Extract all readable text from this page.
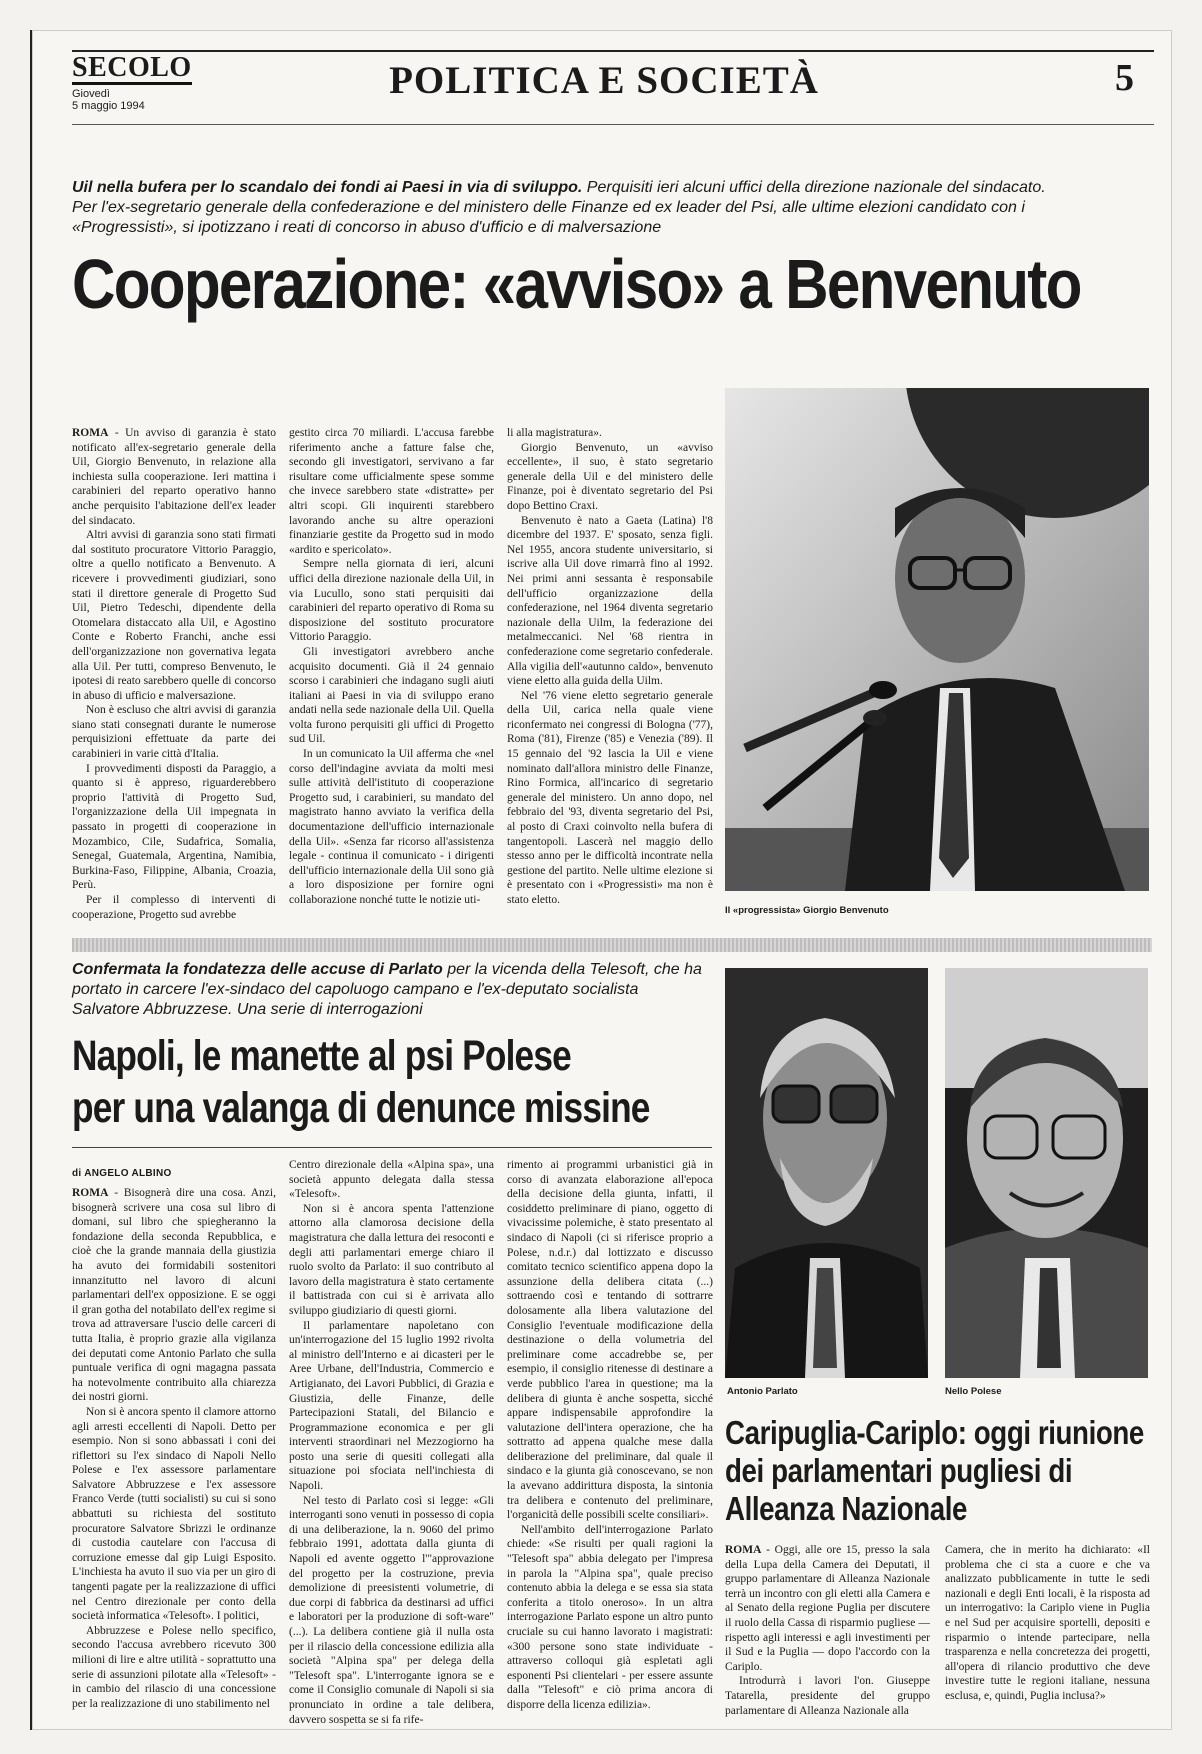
SECOLO
Giovedì
5 maggio 1994
POLITICA E SOCIETÀ	5
Uil nella bufera per lo scandalo dei fondi ai Paesi in via di sviluppo. Perquisiti ieri alcuni uffici della direzione nazionale del sindacato. Per l'ex-segretario generale della confederazione e del ministero delle Finanze ed ex leader del Psi, alle ultime elezioni candidato con i «Progressisti», si ipotizzano i reati di concorso in abuso d'ufficio e di malversazione
Cooperazione: «avviso» a Benvenuto

ROMA - Un avviso di garanzia è stato notificato all'ex-segretario generale della Uil, Giorgio Benvenuto, in relazione alla inchiesta sulla cooperazione. Ieri mattina i carabinieri del reparto operativo hanno anche perquisito l'abitazione dell'ex leader del sindacato.

Altri avvisi di garanzia sono stati firmati dal sostituto procuratore Vittorio Paraggio, oltre a quello notificato a Benvenuto. A ricevere i provvedimenti giudiziari, sono stati il direttore generale di Progetto Sud Uil, Pietro Tedeschi, dipendente della Otomelara distaccato alla Uil, e Agostino Conte e Roberto Franchi, anche essi dell'organizzazione non governativa legata alla Uil. Per tutti, compreso Benvenuto, le ipotesi di reato sarebbero quelle di concorso in abuso di ufficio e malversazione.

Non è escluso che altri avvisi di garanzia siano stati consegnati durante le numerose perquisizioni effettuate da parte dei carabinieri in varie città d'Italia.

I provvedimenti disposti da Paraggio, a quanto si è appreso, riguarderebbero proprio l'attività di Progetto Sud, l'organizzazione della Uil impegnata in passato in progetti di cooperazione in Mozambico, Cile, Sudafrica, Somalia, Senegal, Guatemala, Argentina, Namibia, Burkina-Faso, Filippine, Albania, Croazia, Perù.

Per il complesso di interventi di cooperazione, Progetto sud avrebbe

gestito circa 70 miliardi. L'accusa farebbe riferimento anche a fatture false che, secondo gli investigatori, servivano a far risultare come ufficialmente spese somme che invece sarebbero state «distratte» per altri scopi. Gli inquirenti starebbero lavorando anche su altre operazioni finanziarie gestite da Progetto sud in modo «ardito e spericolato».

Sempre nella giornata di ieri, alcuni uffici della direzione nazionale della Uil, in via Lucullo, sono stati perquisiti dai carabinieri del reparto operativo di Roma su disposizione del sostituto procuratore Vittorio Paraggio.

Gli investigatori avrebbero anche acquisito documenti. Già il 24 gennaio scorso i carabinieri che indagano sugli aiuti italiani ai Paesi in via di sviluppo erano andati nella sede nazionale della Uil. Quella volta furono perquisiti gli uffici di Progetto sud Uil.

In un comunicato la Uil afferma che «nel corso dell'indagine avviata da molti mesi sulle attività dell'istituto di cooperazione Progetto sud, i carabinieri, su mandato del magistrato hanno avviato la verifica della documentazione dell'ufficio internazionale della Uil». «Senza far ricorso all'assistenza legale - continua il comunicato - i dirigenti dell'ufficio internazionale della Uil sono già a loro disposizione per fornire ogni collaborazione nonché tutte le notizie uti-

li alla magistratura».

Giorgio Benvenuto, un «avviso eccellente», il suo, è stato segretario generale della Uil e del ministero delle Finanze, poi è diventato segretario del Psi dopo Bettino Craxi.

Benvenuto è nato a Gaeta (Latina) l'8 dicembre del 1937. E' sposato, senza figli. Nel 1955, ancora studente universitario, si iscrive alla Uil dove rimarrà fino al 1992. Nei primi anni sessanta è responsabile dell'ufficio organizzazione della confederazione, nel 1964 diventa segretario nazionale della Uilm, la federazione dei metalmeccanici. Nel '68 rientra in confederazione come segretario confederale. Alla vigilia dell'«autunno caldo», benvenuto viene eletto alla guida della Uilm.

Nel '76 viene eletto segretario generale della Uil, carica nella quale viene riconfermato nei congressi di Bologna ('77), Roma ('81), Firenze ('85) e Venezia ('89). Il 15 gennaio del '92 lascia la Uil e viene nominato dall'allora ministro delle Finanze, Rino Formica, all'incarico di segretario generale del ministero. Un anno dopo, nel febbraio del '93, diventa segretario del Psi, al posto di Craxi coinvolto nella bufera di tangentopoli. Lascerà nel maggio dello stesso anno per le difficoltà incontrate nella gestione del partito. Nelle ultime elezione si è presentato con i «Progressisti» ma non è stato eletto.

Il «progressista» Giorgio Benvenuto
Confermata la fondatezza delle accuse di Parlato per la vicenda della Telesoft, che ha portato in carcere l'ex-sindaco del capoluogo campano e l'ex-deputato socialista Salvatore Abbruzzese. Una serie di interrogazioni
Napoli, le manette al psi Polese
per una valanga di denunce missine
di ANGELO ALBINO

ROMA - Bisognerà dire una cosa. Anzi, bisognerà scrivere una cosa sul libro di domani, sul libro che spiegheranno la fondazione della seconda Repubblica, e cioè che la grande mannaia della giustizia ha avuto dei formidabili sostenitori innanzitutto nel lavoro di alcuni parlamentari dell'ex opposizione. E se oggi il gran gotha del notabilato dell'ex regime si trova ad attraversare l'uscio delle carceri di tutta Italia, è proprio grazie alla vigilanza dei deputati come Antonio Parlato che sulla puntuale verifica di ogni magagna passata ha notevolmente contribuito alla chiarezza dei nostri giorni.

Non si è ancora spento il clamore attorno agli arresti eccellenti di Napoli. Detto per esempio. Non si sono abbassati i coni dei riflettori su l'ex sindaco di Napoli Nello Polese e l'ex assessore parlamentare Salvatore Abbruzzese e l'ex assessore Franco Verde (tutti socialisti) su cui si sono abbattuti su richiesta del sostituto procuratore Salvatore Sbrizzi le ordinanze di custodia cautelare con l'accusa di corruzione emesse dal gip Luigi Esposito. L'inchiesta ha avuto il suo via per un giro di tangenti pagate per la realizzazione di uffici nel Centro direzionale per conto della società informatica «Telesoft». I politici,

Abbruzzese e Polese nello specifico, secondo l'accusa avrebbero ricevuto 300 milioni di lire e altre utilità - soprattutto una serie di assunzioni pilotate alla «Telesoft» - in cambio del rilascio di una concessione per la realizzazione di uno stabilimento nel

Centro direzionale della «Alpina spa», una società appunto delegata dalla stessa «Telesoft».

Non si è ancora spenta l'attenzione attorno alla clamorosa decisione della magistratura che dalla lettura dei resoconti e degli atti parlamentari emerge chiaro il ruolo svolto da Parlato: il suo contributo al lavoro della magistratura è stato certamente il battistrada con cui si è arrivata allo sviluppo giudiziario di questi giorni.

Il parlamentare napoletano con un'interrogazione del 15 luglio 1992 rivolta al ministro dell'Interno e ai dicasteri per le Aree Urbane, dell'Industria, Commercio e Artigianato, dei Lavori Pubblici, di Grazia e Giustizia, delle Finanze, delle Partecipazioni Statali, del Bilancio e Programmazione economica e per gli interventi straordinari nel Mezzogiorno ha posto una serie di quesiti collegati alla situazione poi sfociata nell'inchiesta di Napoli.

Nel testo di Parlato così si legge: «Gli interroganti sono venuti in possesso di copia di una deliberazione, la n. 9060 del primo febbraio 1991, adottata dalla giunta di Napoli ed avente oggetto l'"approvazione del progetto per la costruzione, previa demolizione di preesistenti volumetrie, di due corpi di fabbrica da destinarsi ad uffici e laboratori per la produzione di soft-ware" (...). La delibera contiene già il nulla osta per il rilascio della concessione edilizia alla società "Alpina spa" per delega della "Telesoft spa". L'interrogante ignora se e come il Consiglio comunale di Napoli si sia pronunciato in ordine a tale delibera, davvero sospetta se si fa rife-

rimento ai programmi urbanistici già in corso di avanzata elaborazione all'epoca della decisione della giunta, infatti, il cosiddetto preliminare di piano, oggetto di vivacissime polemiche, è stato presentato al sindaco di Napoli (ci si riferisce proprio a Polese, n.d.r.) dal lottizzato e discusso comitato tecnico scientifico appena dopo la assunzione della delibera citata (...) sottraendo così e tentando di sottrarre dolosamente alla libera valutazione del Consiglio l'eventuale modificazione della destinazione o della volumetria del preliminare come accadrebbe se, per esempio, il consiglio ritenesse di destinare a verde pubblico l'area in questione; ma la delibera di giunta è anche sospetta, sicché appare indispensabile approfondire la valutazione dell'intera operazione, che ha sottratto ad appena qualche mese dalla deliberazione del preliminare, dal quale il sindaco e la giunta già conoscevano, se non la avevano addirittura disposta, la sintonia tra delibera e contenuto del preliminare, l'organicità delle possibili scelte consiliari».

Nell'ambito dell'interrogazione Parlato chiede: «Se risulti per quali ragioni la "Telesoft spa" abbia delegato per l'impresa in parola la "Alpina spa", quale preciso contenuto abbia la delega e se essa sia stata conferita a titolo oneroso». In un altra interrogazione Parlato espone un altro punto cruciale su cui hanno lavorato i magistrati: «300 persone sono state individuate - attraverso colloqui già espletati agli esponenti Psi clientelari - per essere assunte dalla "Telesoft" e ciò prima ancora di disporre della licenza edilizia».

Antonio Parlato	Nello Polese
Caripuglia-Cariplo: oggi riunione dei parlamentari pugliesi di Alleanza Nazionale

ROMA - Oggi, alle ore 15, presso la sala della Lupa della Camera dei Deputati, il gruppo parlamentare di Alleanza Nazionale terrà un incontro con gli eletti alla Camera e al Senato della regione Puglia per discutere il ruolo della Cassa di risparmio pugliese — rispetto agli interessi e agli investimenti per il Sud e la Puglia — dopo l'accordo con la Cariplo.

Introdurrà i lavori l'on. Giuseppe Tatarella, presidente del gruppo parlamentare di Alleanza Nazionale alla

Camera, che in merito ha dichiarato: «Il problema che ci sta a cuore e che va analizzato pubblicamente in tutte le sedi nazionali e degli Enti locali, è la risposta ad un interrogativo: la Cariplo viene in Puglia e nel Sud per acquisire sportelli, depositi e risparmio o intende partecipare, nella trasparenza e nella concretezza dei progetti, all'opera di rilancio produttivo che deve investire tutte le regioni italiane, nessuna esclusa, e, quindi, Puglia inclusa?»
